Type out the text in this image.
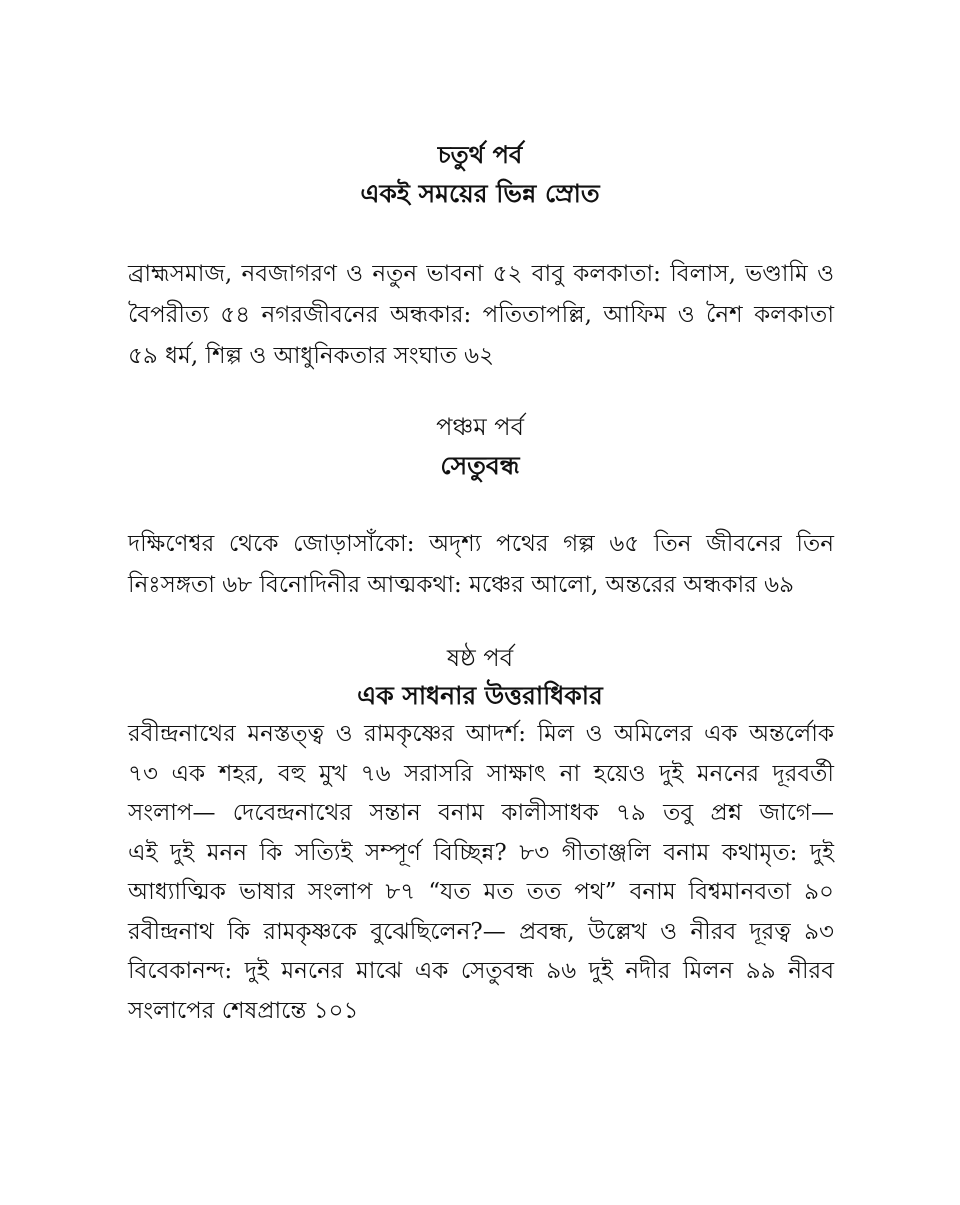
চতুর্থ পর্ব
একই সময়ের ভিন্ন স্রোত
ব্রাহ্মসমাজ, নবজাগরণ ও নতুন ভাবনা ৫২ বাবু কলকাতা: বিলাস, ভণ্ডামি ও
বৈপরীত্য ৫৪ নগরজীবনের অন্ধকার: পতিতাপল্লি, আফিম ও নৈশ কলকাতা
৫৯ ধর্ম, শিল্প ও আধুনিকতার সংঘাত ৬২
পঞ্চম পর্ব
সেতুবন্ধ
দক্ষিণেশ্বর থেকে জোড়াসাঁকো: অদৃশ্য পথের গল্প ৬৫ তিন জীবনের তিন
নিঃসঙ্গতা ৬৮ বিনোদিনীর আত্মকথা: মঞ্চের আলো, অন্তরের অন্ধকার ৬৯
ষষ্ঠ পর্ব
এক সাধনার উত্তরাধিকার
রবীন্দ্রনাথের মনস্তত্ত্ব ও রামকৃষ্ণের আদর্শ: মিল ও অমিলের এক অন্তর্লোক
৭৩ এক শহর, বহু মুখ ৭৬ সরাসরি সাক্ষাৎ না হয়েও দুই মননের দূরবর্তী
সংলাপ— দেবেন্দ্রনাথের সন্তান বনাম কালীসাধক ৭৯ তবু প্রশ্ন জাগে—
এই দুই মনন কি সত্যিই সম্পূর্ণ বিচ্ছিন্ন? ৮৩ গীতাঞ্জলি বনাম কথামৃত: দুই
আধ্যাত্মিক ভাষার সংলাপ ৮৭ “যত মত তত পথ” বনাম বিশ্বমানবতা ৯০
রবীন্দ্রনাথ কি রামকৃষ্ণকে বুঝেছিলেন?— প্রবন্ধ, উল্লেখ ও নীরব দূরত্ব ৯৩
বিবেকানন্দ: দুই মননের মাঝে এক সেতুবন্ধ ৯৬ দুই নদীর মিলন ৯৯ নীরব
সংলাপের শেষপ্রান্তে ১০১
